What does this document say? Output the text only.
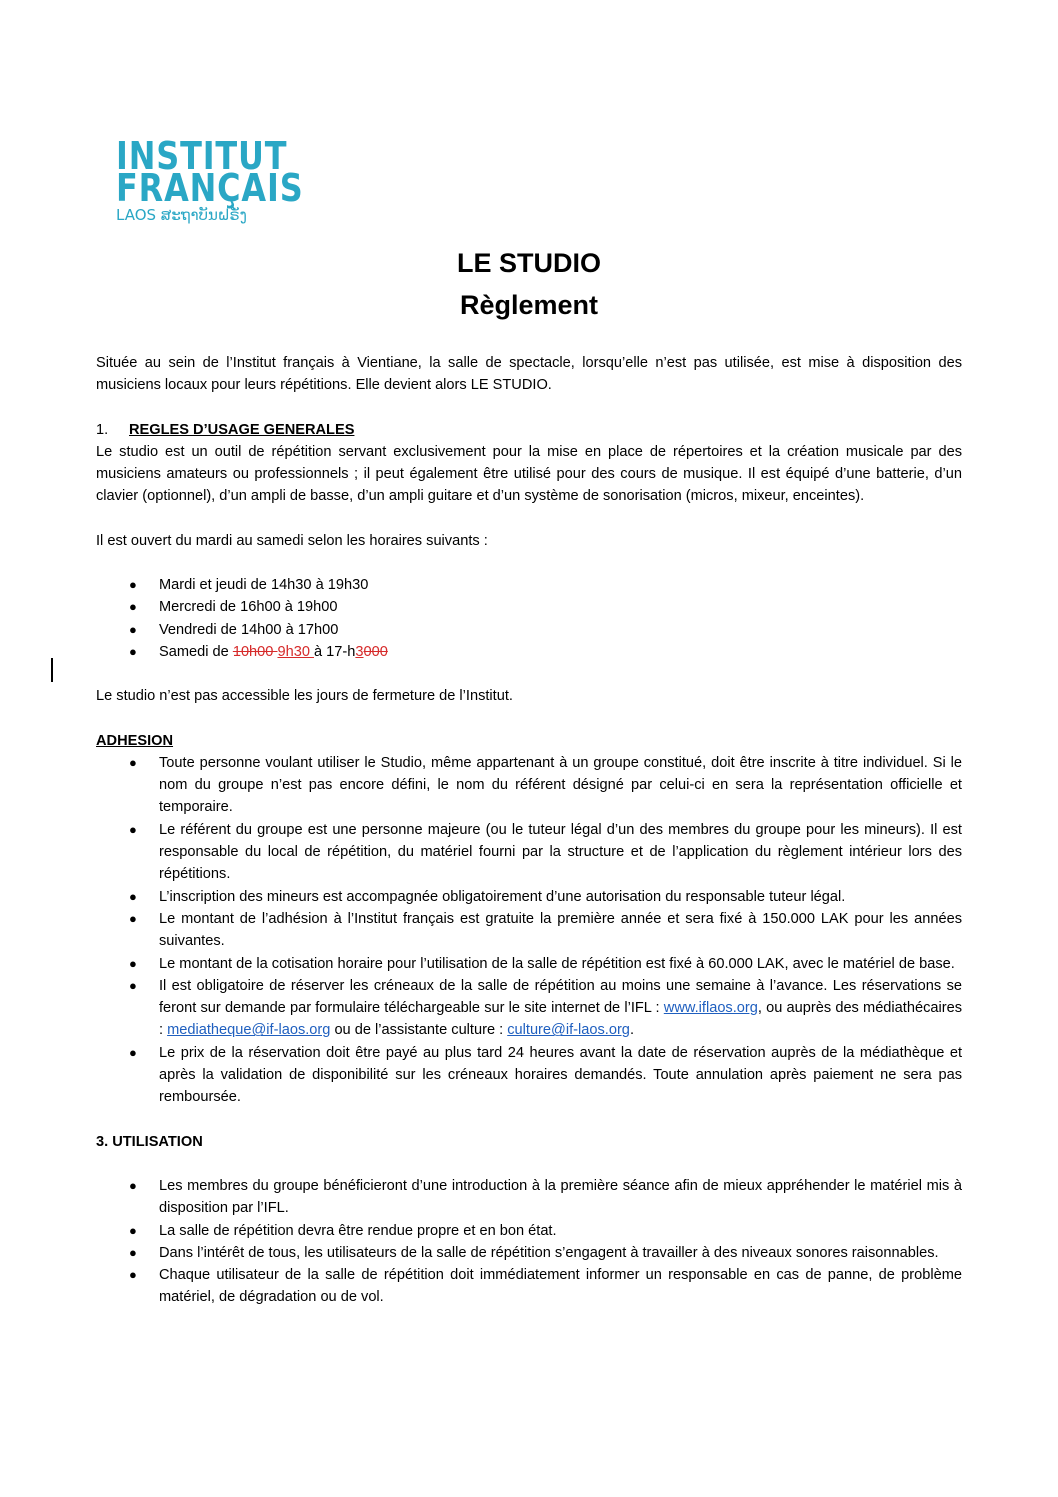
INSTITUT
FRANÇAIS
LAOS ສະຖາບັນຝຣັ່ງ
LE STUDIO
Règlement

Située au sein de l’Institut français à Vientiane, la salle de spectacle, lorsqu’elle n’est pas utilisée, est mise à disposition des musiciens locaux pour leurs répétitions. Elle devient alors LE STUDIO.

1.	REGLES D’USAGE GENERALES

Le studio est un outil de répétition servant exclusivement pour la mise en place de répertoires et la création musicale par des musiciens amateurs ou professionnels ; il peut également être utilisé pour des cours de musique. Il est équipé d’une batterie, d’un clavier (optionnel), d’un ampli de basse, d’un ampli guitare et d’un système de sonorisation (micros, mixeur, enceintes).

Il est ouvert du mardi au samedi selon les horaires suivants :

● Mardi et jeudi de 14h30 à 19h30
● Mercredi de 16h00 à 19h00
● Vendredi de 14h00 à 17h00
● Samedi de 10h00 9h30 à 17-h3000

Le studio n’est pas accessible les jours de fermeture de l’Institut.

ADHESION
● Toute personne voulant utiliser le Studio, même appartenant à un groupe constitué, doit être inscrite à titre individuel. Si le nom du groupe n’est pas encore défini, le nom du référent désigné par celui-ci en sera la représentation officielle et temporaire.
● Le référent du groupe est une personne majeure (ou le tuteur légal d’un des membres du groupe pour les mineurs). Il est responsable du local de répétition, du matériel fourni par la structure et de l’application du règlement intérieur lors des répétitions.
● L’inscription des mineurs est accompagnée obligatoirement d’une autorisation du responsable tuteur légal.
● Le montant de l’adhésion à l’Institut français est gratuite la première année et sera fixé à 150.000 LAK pour les années suivantes.
● Le montant de la cotisation horaire pour l’utilisation de la salle de répétition est fixé à 60.000 LAK, avec le matériel de base.
● Il est obligatoire de réserver les créneaux de la salle de répétition au moins une semaine à l’avance. Les réservations se feront sur demande par formulaire téléchargeable sur le site internet de l’IFL : www.iflaos.org, ou auprès des médiathécaires : mediatheque@if-laos.org ou de l’assistante culture : culture@if-laos.org.
● Le prix de la réservation doit être payé au plus tard 24 heures avant la date de réservation auprès de la médiathèque et après la validation de disponibilité sur les créneaux horaires demandés. Toute annulation après paiement ne sera pas remboursée.
3. UTILISATION
● Les membres du groupe bénéficieront d’une introduction à la première séance afin de mieux appréhender le matériel mis à disposition par l’IFL.
● La salle de répétition devra être rendue propre et en bon état.
● Dans l’intérêt de tous, les utilisateurs de la salle de répétition s’engagent à travailler à des niveaux sonores raisonnables.
● Chaque utilisateur de la salle de répétition doit immédiatement informer un responsable en cas de panne, de problème matériel, de dégradation ou de vol.
